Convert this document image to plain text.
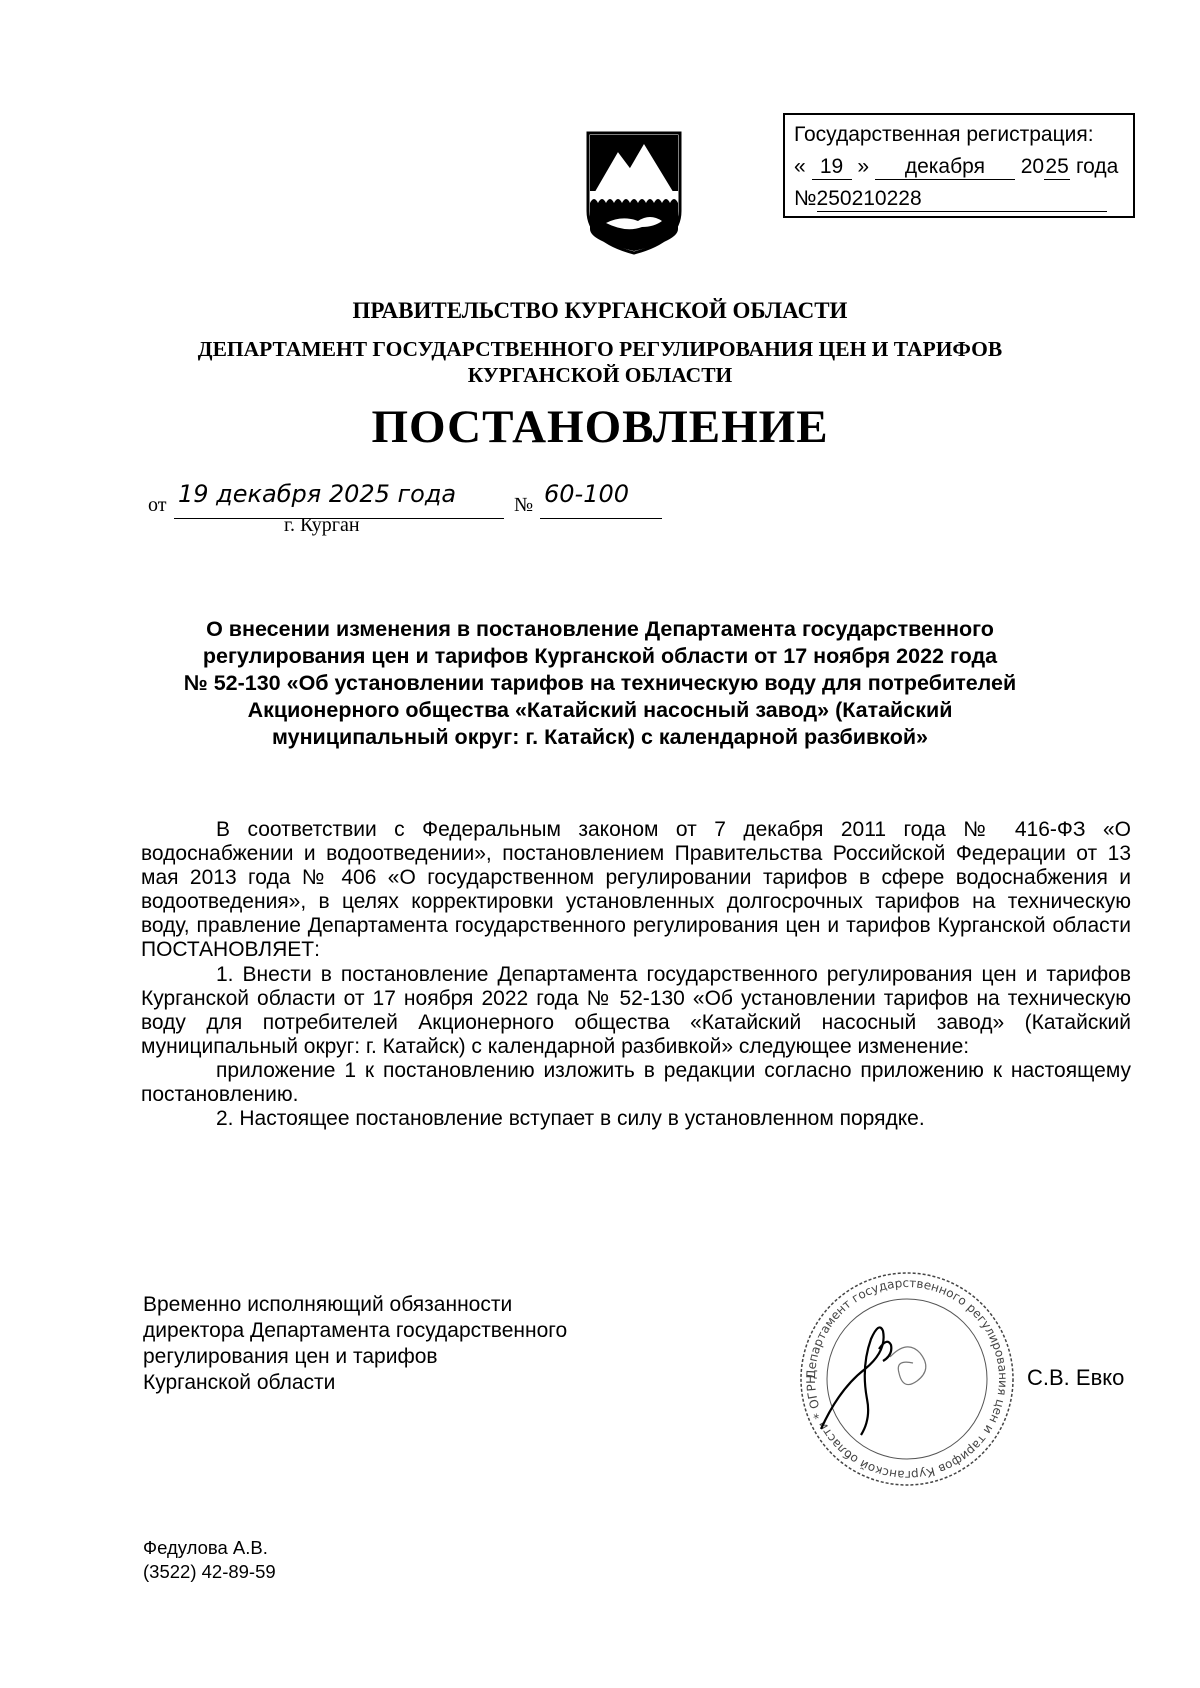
Государственная регистрация:
« 19 » декабря 2025 года
№250210228
ПРАВИТЕЛЬСТВО КУРГАНСКОЙ ОБЛАСТИ
ДЕПАРТАМЕНТ ГОСУДАРСТВЕННОГО РЕГУЛИРОВАНИЯ ЦЕН И ТАРИФОВ
КУРГАНСКОЙ ОБЛАСТИ
ПОСТАНОВЛЕНИЕ
от 19 декабря 2025 года	№ 60-100
г. Курган
О внесении изменения в постановление Департамента государственного
регулирования цен и тарифов Курганской области от 17 ноября 2022 года
№ 52-130 «Об установлении тарифов на техническую воду для потребителей
Акционерного общества «Катайский насосный завод» (Катайский
муниципальный округ: г. Катайск) с календарной разбивкой»

В соответствии с Федеральным законом от 7 декабря 2011 года № 416-ФЗ «О водоснабжении и водоотведении», постановлением Правительства Российской Федерации от 13 мая 2013 года № 406 «О государственном регулировании тарифов в сфере водоснабжения и водоотведения», в целях корректировки установленных долгосрочных тарифов на техническую воду, правление Департамента государственного регулирования цен и тарифов Курганской области ПОСТАНОВЛЯЕТ:

1. Внести в постановление Департамента государственного регулирования цен и тарифов Курганской области от 17 ноября 2022 года № 52-130 «Об установлении тарифов на техническую воду для потребителей Акционерного общества «Катайский насосный завод» (Катайский муниципальный округ: г. Катайск) с календарной разбивкой» следующее изменение:

приложение 1 к постановлению изложить в редакции согласно приложению к настоящему постановлению.

2. Настоящее постановление вступает в силу в установленном порядке.

Временно исполняющий обязанности
директора Департамента государственного
регулирования цен и тарифов
Курганской области	Департамент государственного регулирования цен и тарифов Курганской области * ОГРН	С.В. Евко
Федулова А.В.
(3522) 42-89-59
